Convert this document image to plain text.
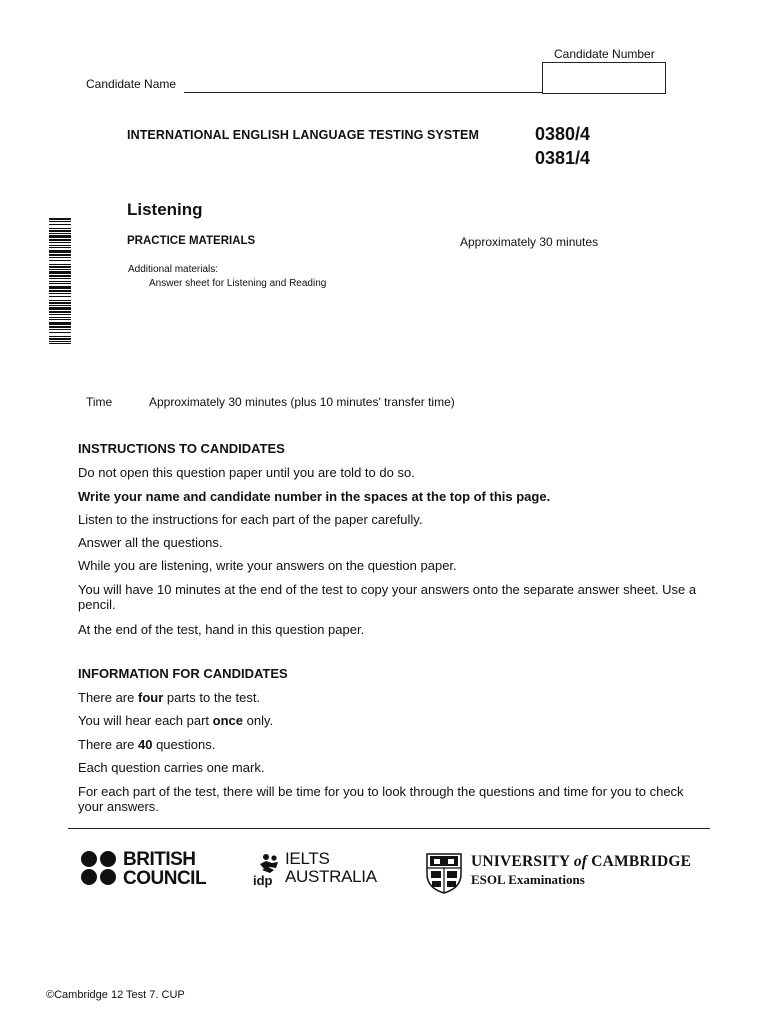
Candidate Number
Candidate Name
INTERNATIONAL ENGLISH LANGUAGE TESTING SYSTEM	0380/4
0381/4
Listening
PRACTICE MATERIALS	Approximately 30 minutes
Additional materials:
Answer sheet for Listening and Reading
Time	Approximately 30 minutes (plus 10 minutes' transfer time)
INSTRUCTIONS TO CANDIDATES
Do not open this question paper until you are told to do so.
Write your name and candidate number in the spaces at the top of this page.
Listen to the instructions for each part of the paper carefully.
Answer all the questions.
While you are listening, write your answers on the question paper.
You will have 10 minutes at the end of the test to copy your answers onto the separate answer sheet. Use a pencil.
At the end of the test, hand in this question paper.
INFORMATION FOR CANDIDATES
There are four parts to the test.
You will hear each part once only.
There are 40 questions.
Each question carries one mark.
For each part of the test, there will be time for you to look through the questions and time for you to check your answers.
BRITISH
COUNCIL	idp
IELTS
AUSTRALIA
UNIVERSITY of CAMBRIDGE
ESOL Examinations
©Cambridge 12 Test 7. CUP
